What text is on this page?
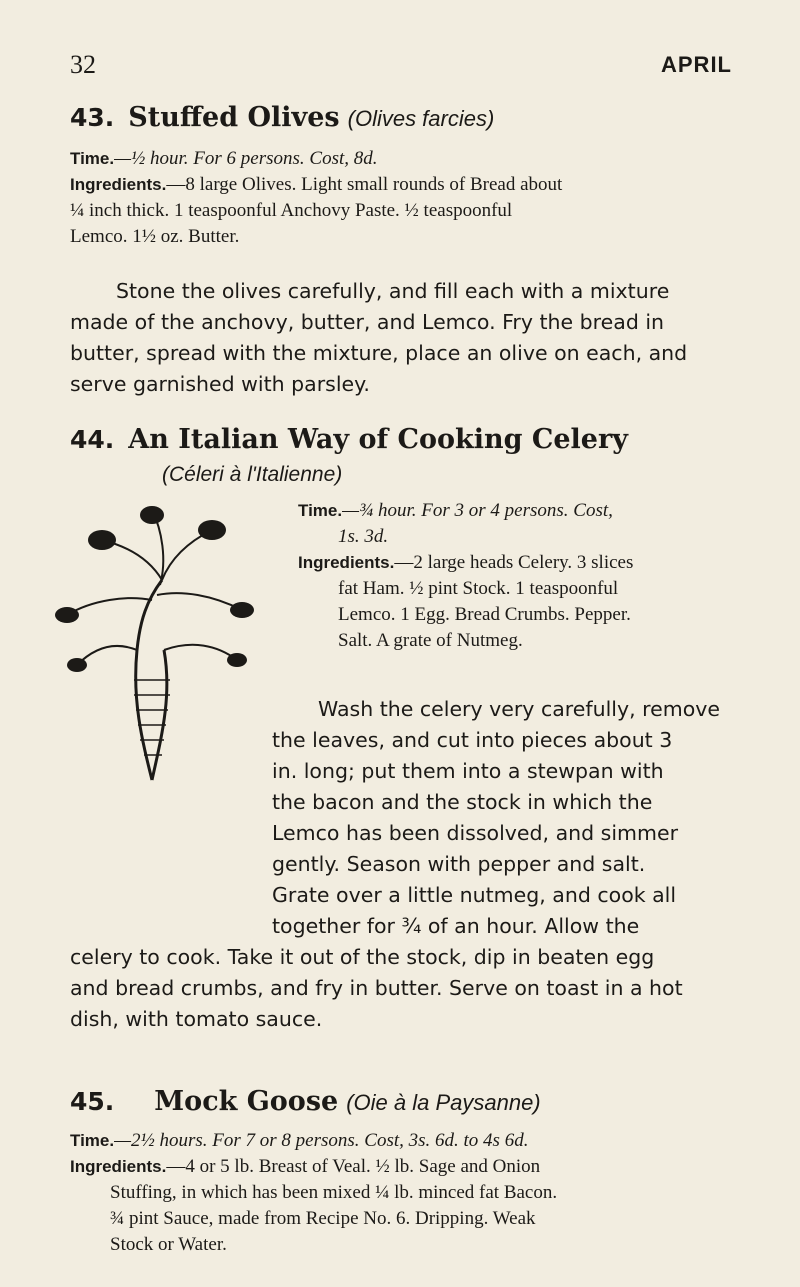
32	APRIL
43. Stuffed Olives (Olives farcies)
Time.—½ hour. For 6 persons. Cost, 8d.
Ingredients.—8 large Olives. Light small rounds of Bread about
¼ inch thick. 1 teaspoonful Anchovy Paste. ½ teaspoonful
Lemco. 1½ oz. Butter.
Stone the olives carefully, and fill each with a mixture
made of the anchovy, butter, and Lemco. Fry the bread in
butter, spread with the mixture, place an olive on each, and
serve garnished with parsley.
44. An Italian Way of Cooking Celery
(Céleri à l'Italienne)
Time.—¾ hour. For 3 or 4 persons. Cost,
1s. 3d.
Ingredients.—2 large heads Celery. 3 slices
fat Ham. ½ pint Stock. 1 teaspoonful
Lemco. 1 Egg. Bread Crumbs. Pepper.
Salt. A grate of Nutmeg.
Wash the celery very carefully, remove
the leaves, and cut into pieces about 3
in. long; put them into a stewpan with
the bacon and the stock in which the
Lemco has been dissolved, and simmer
gently. Season with pepper and salt.
Grate over a little nutmeg, and cook all
together for ¾ of an hour. Allow the
celery to cook. Take it out of the stock, dip in beaten egg
and bread crumbs, and fry in butter. Serve on toast in a hot
dish, with tomato sauce.
45. Mock Goose (Oie à la Paysanne)
Time.—2½ hours. For 7 or 8 persons. Cost, 3s. 6d. to 4s 6d.
Ingredients.—4 or 5 lb. Breast of Veal. ½ lb. Sage and Onion
Stuffing, in which has been mixed ¼ lb. minced fat Bacon.
¾ pint Sauce, made from Recipe No. 6. Dripping. Weak
Stock or Water.
